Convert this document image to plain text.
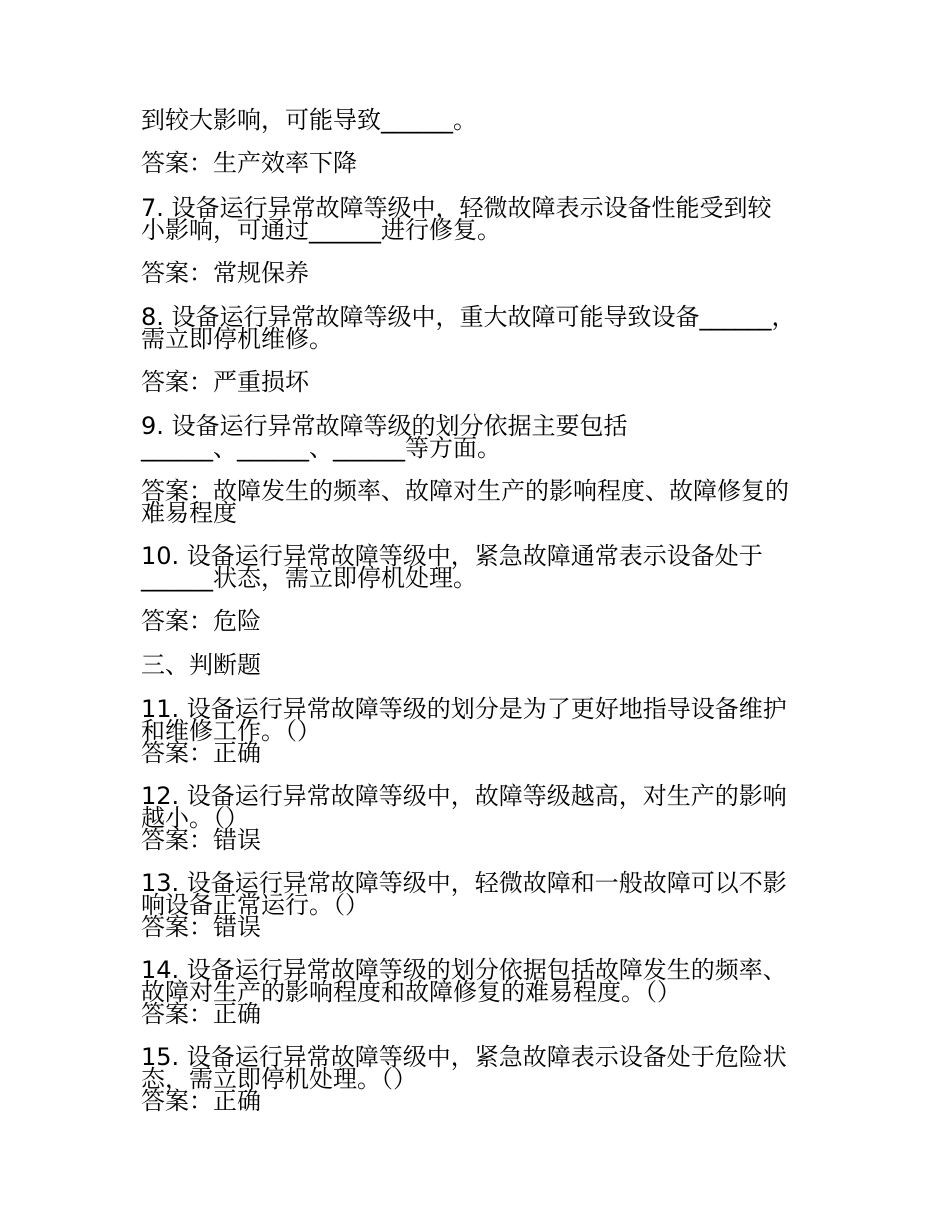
到较大影响，可能导致______。
答案：生产效率下降
7. 设备运行异常故障等级中，轻微故障表示设备性能受到较
小影响，可通过______进行修复。
答案：常规保养
8. 设备运行异常故障等级中，重大故障可能导致设备______，
需立即停机维修。
答案：严重损坏
9. 设备运行异常故障等级的划分依据主要包括
______、______、______等方面。
答案：故障发生的频率、故障对生产的影响程度、故障修复的
难易程度
10. 设备运行异常故障等级中，紧急故障通常表示设备处于
______状态，需立即停机处理。
答案：危险
三、判断题
11. 设备运行异常故障等级的划分是为了更好地指导设备维护
和维修工作。（）
答案：正确
12. 设备运行异常故障等级中，故障等级越高，对生产的影响
越小。（）
答案：错误
13. 设备运行异常故障等级中，轻微故障和一般故障可以不影
响设备正常运行。（）
答案：错误
14. 设备运行异常故障等级的划分依据包括故障发生的频率、
故障对生产的影响程度和故障修复的难易程度。（）
答案：正确
15. 设备运行异常故障等级中，紧急故障表示设备处于危险状
态，需立即停机处理。（）
答案：正确
